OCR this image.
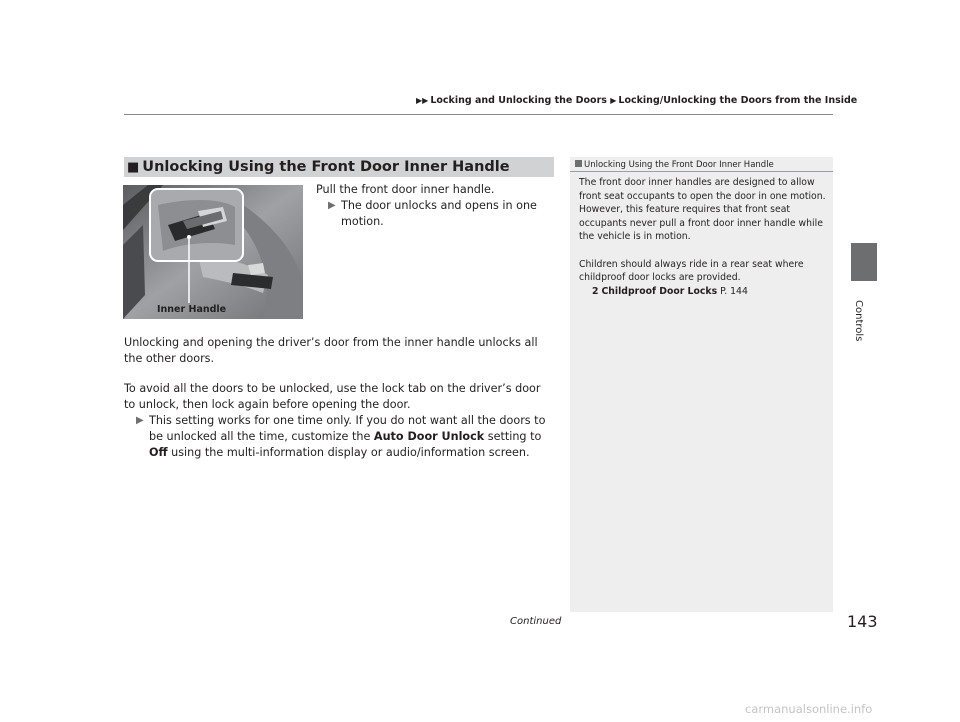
▶▶ Locking and Unlocking the Doors ▶ Locking/Unlocking the Doors from the Inside
Controls
■ Unlocking Using the Front Door Inner Handle
Inner Handle
Pull the front door inner handle.
▶ The door unlocks and opens in one motion.
Unlocking and opening the driver’s door from the inner handle unlocks all the other doors.
To avoid all the doors to be unlocked, use the lock tab on the driver’s door to unlock, then lock again before opening the door.
▶ This setting works for one time only. If you do not want all the doors to be unlocked all the time, customize the Auto Door Unlock setting to Off using the multi-information display or audio/information screen.
Unlocking Using the Front Door Inner Handle

The front door inner handles are designed to allow front seat occupants to open the door in one motion. However, this feature requires that front seat occupants never pull a front door inner handle while the vehicle is in motion.

Children should always ride in a rear seat where childproof door locks are provided.
2 Childproof Door Locks P. 144
Continued	143
carmanualsonline.info
